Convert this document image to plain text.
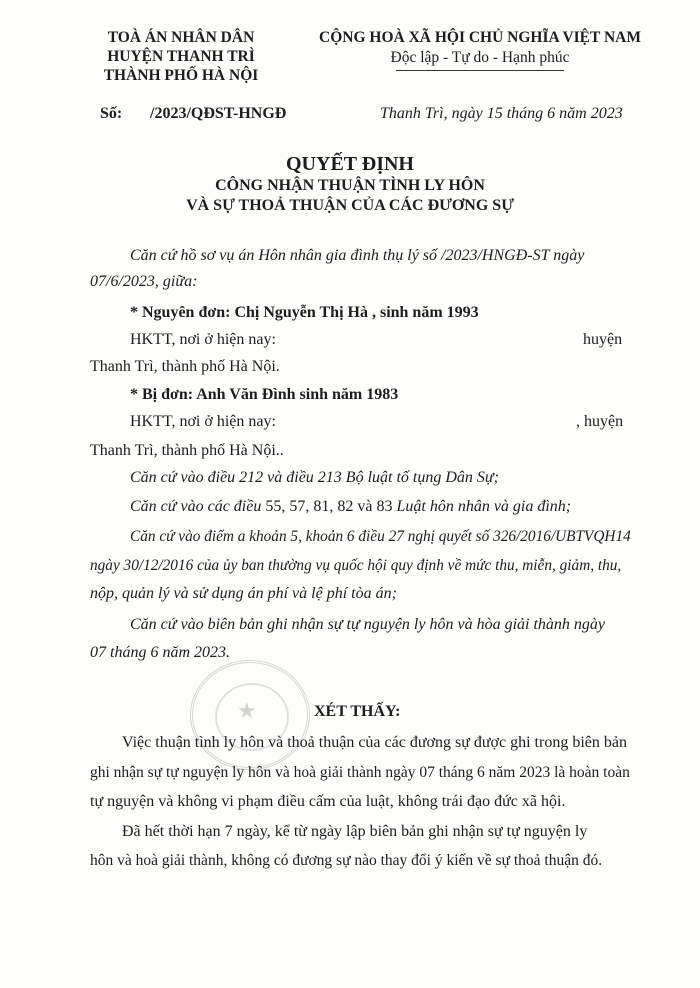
TOÀ ÁN NHÂN DÂN
HUYỆN THANH TRÌ
THÀNH PHỐ HÀ NỘI
CỘNG HOÀ XÃ HỘI CHỦ NGHĨA VIỆT NAM
Độc lập - Tự do - Hạnh phúc
Số: /2023/QĐST-HNGĐ	Thanh Trì, ngày 15 tháng 6 năm 2023
QUYẾT ĐỊNH
CÔNG NHẬN THUẬN TÌNH LY HÔN
VÀ SỰ THOẢ THUẬN CỦA CÁC ĐƯƠNG SỰ
Căn cứ hồ sơ vụ án Hôn nhân gia đình thụ lý số /2023/HNGĐ-ST ngày
07/6/2023, giữa:
* Nguyên đơn: Chị Nguyễn Thị Hà , sinh năm 1993
HKTT, nơi ở hiện nay:	huyện
Thanh Trì, thành phố Hà Nội.
* Bị đơn: Anh Văn Đình sinh năm 1983
HKTT, nơi ở hiện nay:	, huyện
Thanh Trì, thành phố Hà Nội..
Căn cứ vào điều 212 và điều 213 Bộ luật tố tụng Dân Sự;
Căn cứ vào các điều 55, 57, 81, 82 và 83 Luật hôn nhân và gia đình;
Căn cứ vào điểm a khoản 5, khoản 6 điều 27 nghị quyết số 326/2016/UBTVQH14
ngày 30/12/2016 của ủy ban thường vụ quốc hội quy định về mức thu, miễn, giảm, thu,
nộp, quản lý và sử dụng án phí và lệ phí tòa án;
Căn cứ vào biên bản ghi nhận sự tự nguyện ly hôn và hòa giải thành ngày
07 tháng 6 năm 2023.
★	XÉT THẤY:
Việc thuận tình ly hôn và thoả thuận của các đương sự được ghi trong biên bản
ghi nhận sự tự nguyện ly hôn và hoà giải thành ngày 07 tháng 6 năm 2023 là hoàn toàn
tự nguyện và không vi phạm điều cấm của luật, không trái đạo đức xã hội.
Đã hết thời hạn 7 ngày, kể từ ngày lập biên bản ghi nhận sự tự nguyện ly
hôn và hoà giải thành, không có đương sự nào thay đổi ý kiến về sự thoả thuận đó.
